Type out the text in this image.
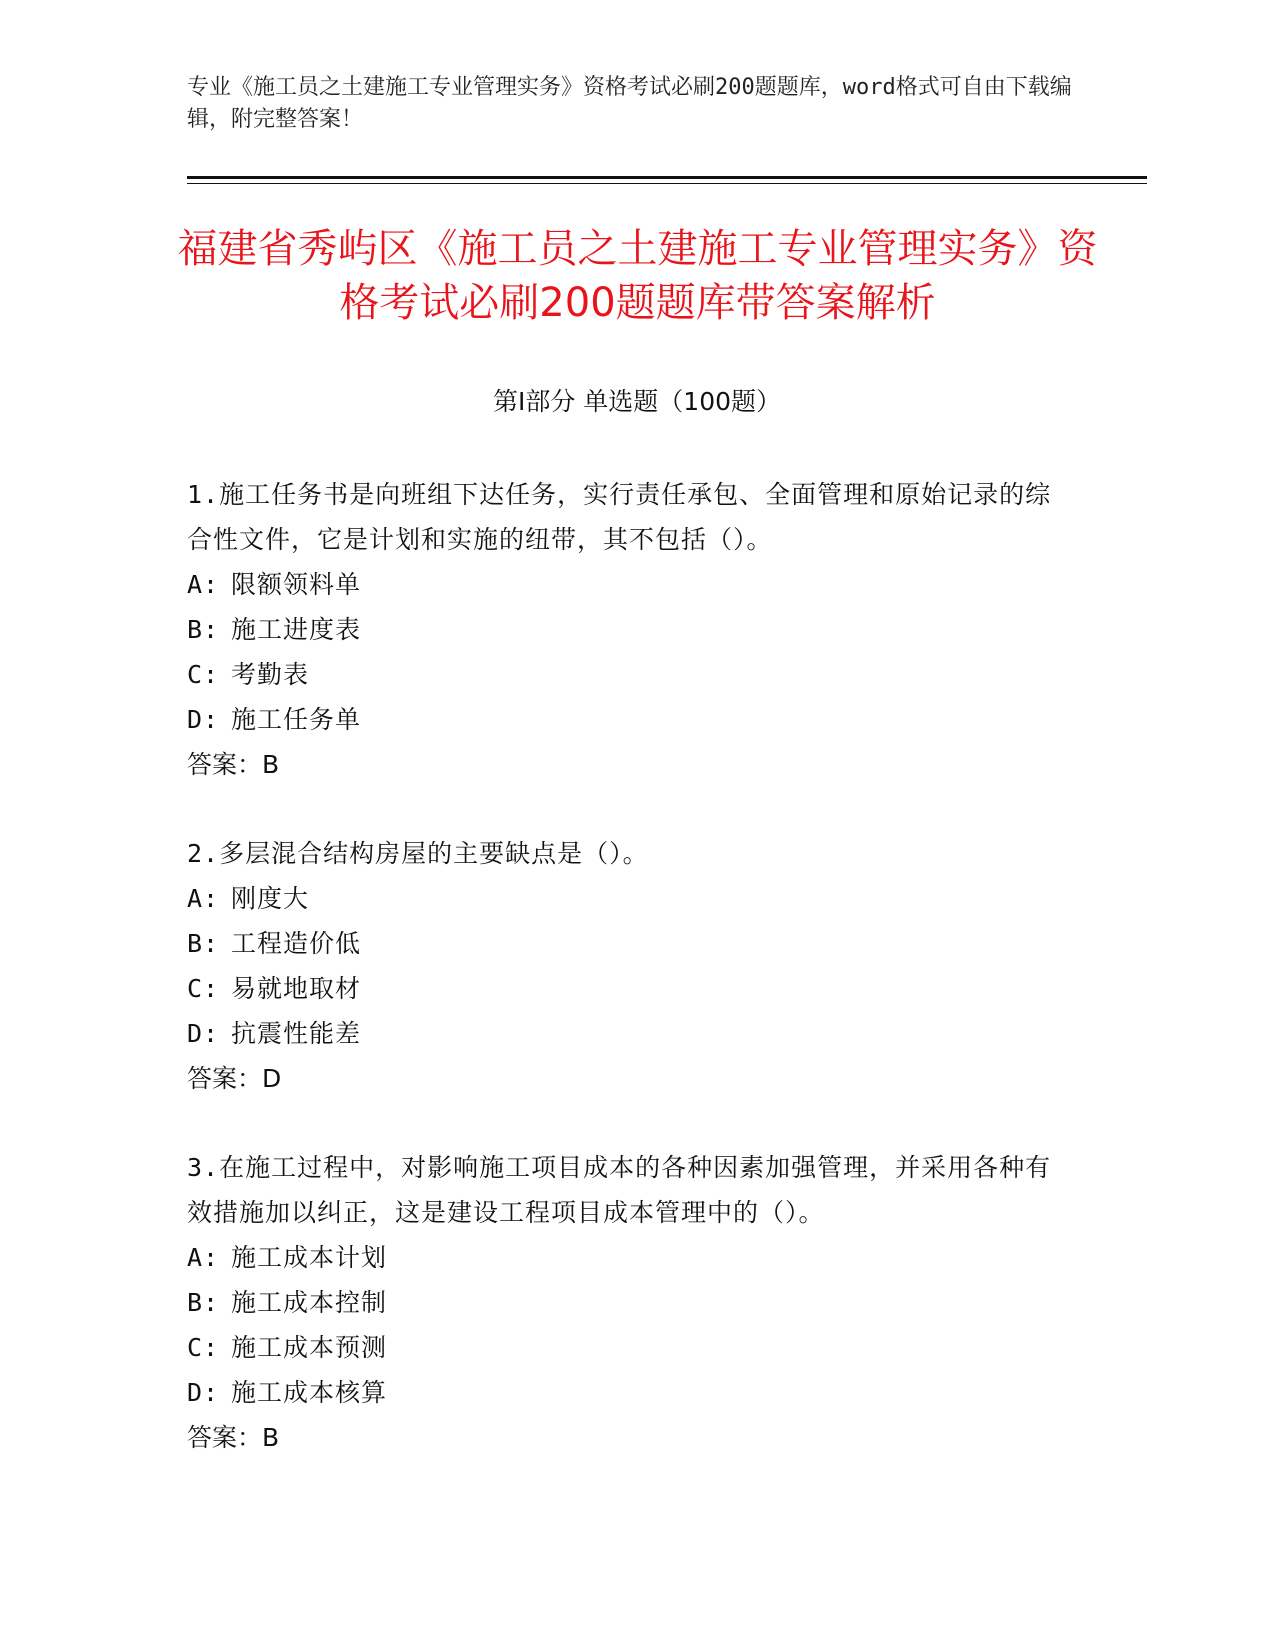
专业《施工员之土建施工专业管理实务》资格考试必刷200题题库，word格式可自由下载编辑，附完整答案！
福建省秀屿区《施工员之土建施工专业管理实务》资格考试必刷200题题库带答案解析
第Ⅰ部分 单选题（100题）
1.施工任务书是向班组下达任务，实行责任承包、全面管理和原始记录的综合性文件，它是计划和实施的纽带，其不包括（）。
A: 限额领料单
B: 施工进度表
C: 考勤表
D: 施工任务单
答案：B
2.多层混合结构房屋的主要缺点是（）。
A: 刚度大
B: 工程造价低
C: 易就地取材
D: 抗震性能差
答案：D
3.在施工过程中，对影响施工项目成本的各种因素加强管理，并采用各种有效措施加以纠正，这是建设工程项目成本管理中的（）。
A: 施工成本计划
B: 施工成本控制
C: 施工成本预测
D: 施工成本核算
答案：B
